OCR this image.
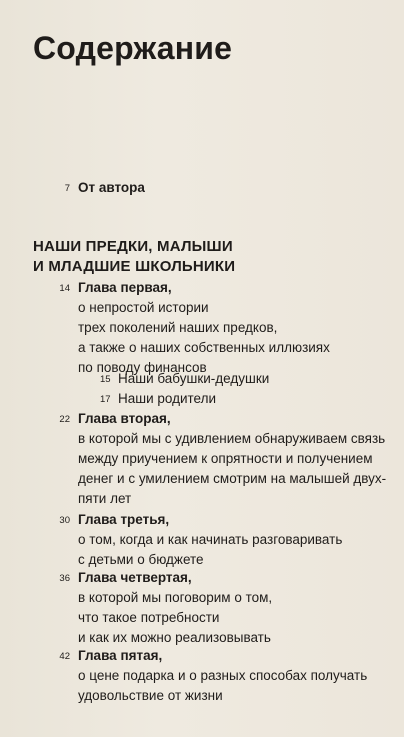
Содержание
7 От автора
НАШИ ПРЕДКИ, МАЛЫШИ
И МЛАДШИЕ ШКОЛЬНИКИ
14 Глава первая,
о непростой истории
трех поколений наших предков,
а также о наших собственных иллюзиях
по поводу финансов
15 Наши бабушки-дедушки
17 Наши родители
22 Глава вторая,
в которой мы с удивлением обнаруживаем связь
между приучением к опрятности и получением
денег и с умилением смотрим на малышей двух-
пяти лет
30 Глава третья,
о том, когда и как начинать разговаривать
с детьми о бюджете
36 Глава четвертая,
в которой мы поговорим о том,
что такое потребности
и как их можно реализовывать
42 Глава пятая,
о цене подарка и о разных способах получать
удовольствие от жизни
